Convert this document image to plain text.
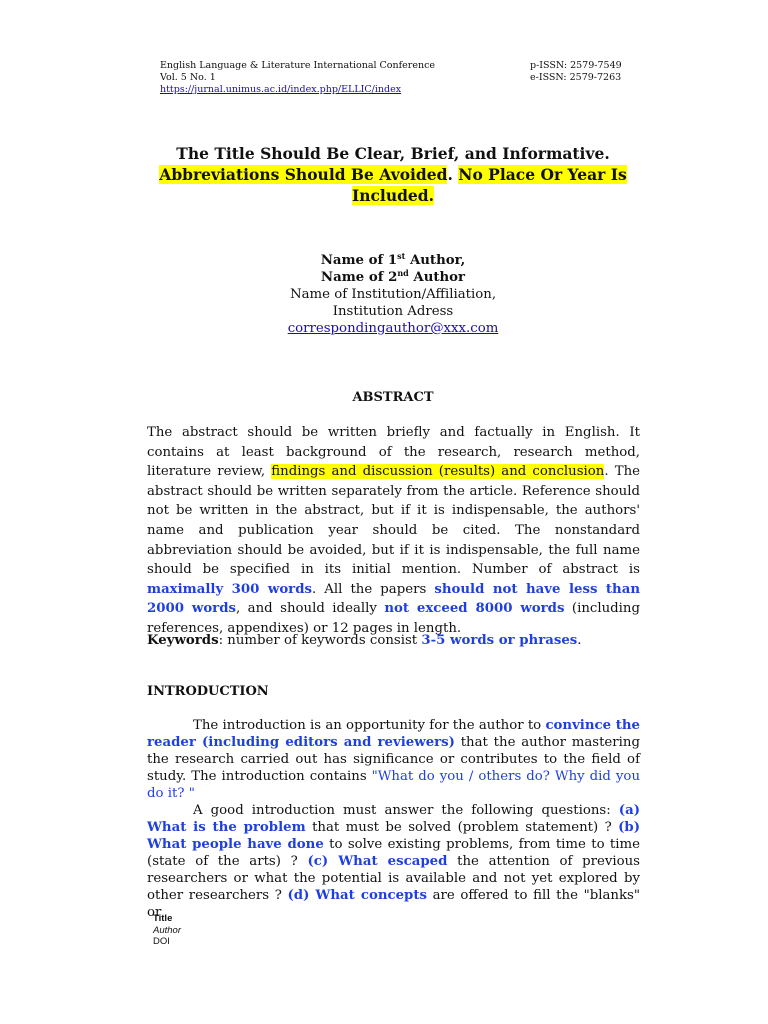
English Language & Literature International Conference
Vol. 5 No. 1
https://jurnal.unimus.ac.id/index.php/ELLIC/index
p-ISSN: 2579-7549
e-ISSN: 2579-7263
The Title Should Be Clear, Brief, and Informative.
Abbreviations Should Be Avoided. No Place Or Year Is Included.
Name of 1st Author,
Name of 2nd Author
Name of Institution/Affiliation,
Institution Adress
correspondingauthor@xxx.com
ABSTRACT
The abstract should be written briefly and factually in English. It contains at least background of the research, research method, literature review, findings and discussion (results) and conclusion. The abstract should be written separately from the article. Reference should not be written in the abstract, but if it is indispensable, the authors' name and publication year should be cited. The nonstandard abbreviation should be avoided, but if it is indispensable, the full name should be specified in its initial mention. Number of abstract is maximally 300 words. All the papers should not have less than 2000 words, and should ideally not exceed 8000 words (including references, appendixes) or 12 pages in length.
Keywords: number of keywords consist 3-5 words or phrases.
INTRODUCTION

The introduction is an opportunity for the author to convince the reader (including editors and reviewers) that the author mastering the research carried out has significance or contributes to the field of study. The introduction contains "What do you / others do? Why did you do it? "

A good introduction must answer the following questions: (a) What is the problem that must be solved (problem statement) ? (b) What people have done to solve existing problems, from time to time (state of the arts) ? (c) What escaped the attention of previous researchers or what the potential is available and not yet explored by other researchers ? (d) What concepts are offered to fill the "blanks" or

Title
Author
DOI
